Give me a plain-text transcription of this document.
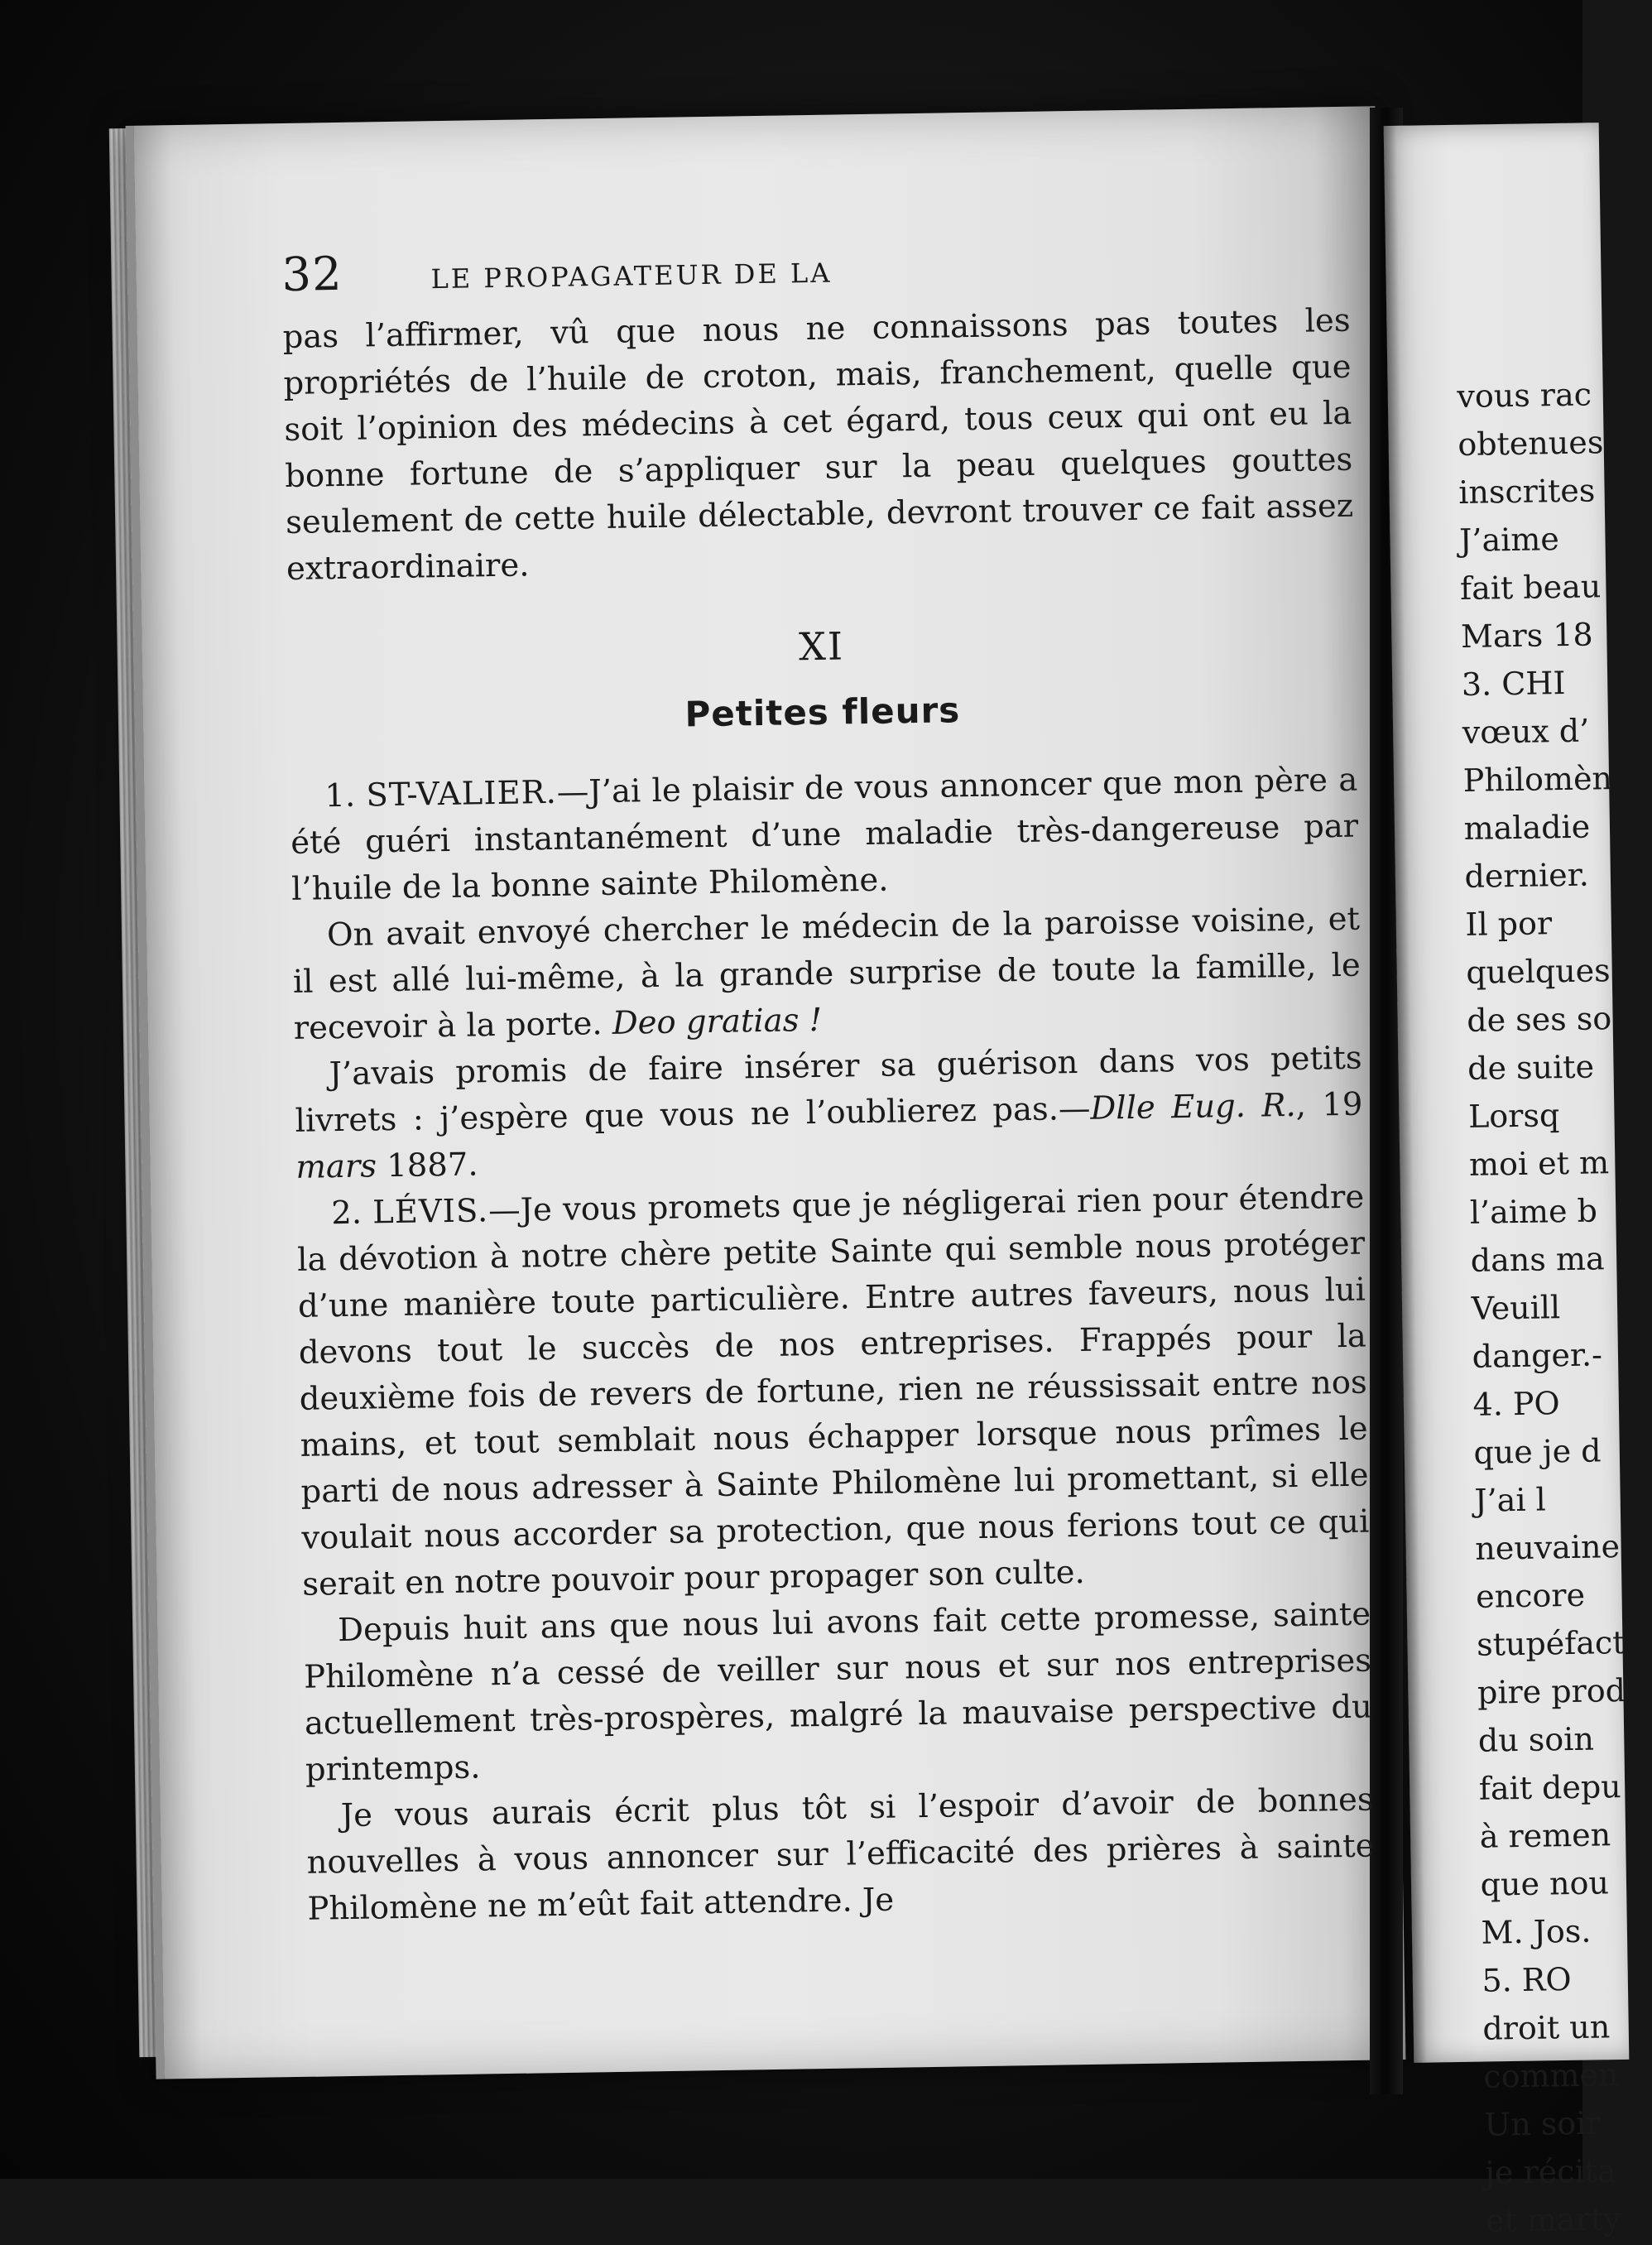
32	LE PROPAGATEUR DE LA

pas l’affirmer, vû que nous ne connaissons pas toutes les propriétés de l’huile de croton, mais, franchement, quelle que soit l’opinion des médecins à cet égard, tous ceux qui ont eu la bonne fortune de s’appliquer sur la peau quelques gouttes seulement de cette huile délectable, devront trouver ce fait assez extraordinaire.

XI
Petites fleurs

1. ST-VALIER.—J’ai le plaisir de vous annoncer que mon père a été guéri instantanément d’une maladie très-dangereuse par l’huile de la bonne sainte Philomène.

On avait envoyé chercher le médecin de la paroisse voisine, et il est allé lui-même, à la grande surprise de toute la famille, le recevoir à la porte. Deo gratias !

J’avais promis de faire insérer sa guérison dans vos petits livrets : j’espère que vous ne l’oublierez pas.—Dlle Eug. R., 19 mars 1887.

2. LÉVIS.—Je vous promets que je négligerai rien pour étendre la dévotion à notre chère petite Sainte qui semble nous protéger d’une manière toute particulière. Entre autres faveurs, nous lui devons tout le succès de nos entreprises. Frappés pour la deuxième fois de revers de fortune, rien ne réussissait entre nos mains, et tout semblait nous échapper lorsque nous prîmes le parti de nous adresser à Sainte Philomène lui promettant, si elle voulait nous accorder sa protection, que nous ferions tout ce qui serait en notre pouvoir pour propager son culte.

Depuis huit ans que nous lui avons fait cette promesse, sainte Philomène n’a cessé de veiller sur nous et sur nos entreprises actuellement très-prospères, malgré la mauvaise perspective du printemps.

Je vous aurais écrit plus tôt si l’espoir d’avoir de bonnes nouvelles à vous annoncer sur l’efficacité des prières à sainte Philomène ne m’eût fait attendre. Je

vous rac
obtenues
inscrites
J’aime
fait beau
Mars 18
3. CHI
vœux d’
Philomèn
maladie
dernier.
Il por
quelques
de ses so
de suite
Lorsq
moi et m
l’aime b
dans ma
Veuill
danger.-
4. PO
que je d
J’ai l
neuvaine
encore
stupéfact
pire prod
du soin
fait depu
à remen
que nou
M. Jos.
5. RO
droit un
commen
Un soir
je récita
et marty
